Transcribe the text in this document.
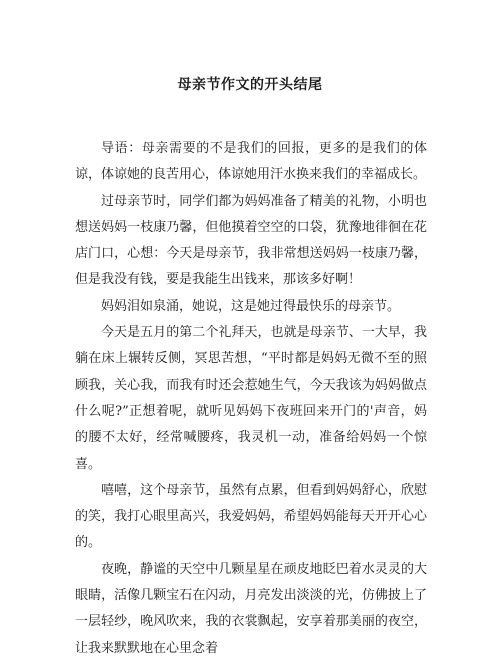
母亲节作文的开头结尾

导语：母亲需要的不是我们的回报，更多的是我们的体谅，体谅她的良苦用心，体谅她用汗水换来我们的幸福成长。

过母亲节时，同学们都为妈妈准备了精美的礼物，小明也想送妈妈一枝康乃馨，但他摸着空空的口袋，犹豫地徘徊在花店门口，心想：今天是母亲节，我非常想送妈妈一枝康乃馨，但是我没有钱，要是我能生出钱来，那该多好啊！

妈妈泪如泉涌，她说，这是她过得最快乐的母亲节。

今天是五月的第二个礼拜天，也就是母亲节、一大早，我躺在床上辗转反侧，冥思苦想，“平时都是妈妈无微不至的照顾我，关心我，而我有时还会惹她生气，今天我该为妈妈做点什么呢?”正想着呢，就听见妈妈下夜班回来开门的'声音，妈的腰不太好，经常喊腰疼，我灵机一动，准备给妈妈一个惊喜。

嘻嘻，这个母亲节，虽然有点累，但看到妈妈舒心，欣慰的笑，我打心眼里高兴，我爱妈妈，希望妈妈能每天开开心心的。

夜晚，静谧的天空中几颗星星在顽皮地眨巴着水灵灵的大眼睛，活像几颗宝石在闪动，月亮发出淡淡的光，仿佛披上了一层轻纱，晚风吹来，我的衣裳飘起，安享着那美丽的夜空，让我来默默地在心里念着
